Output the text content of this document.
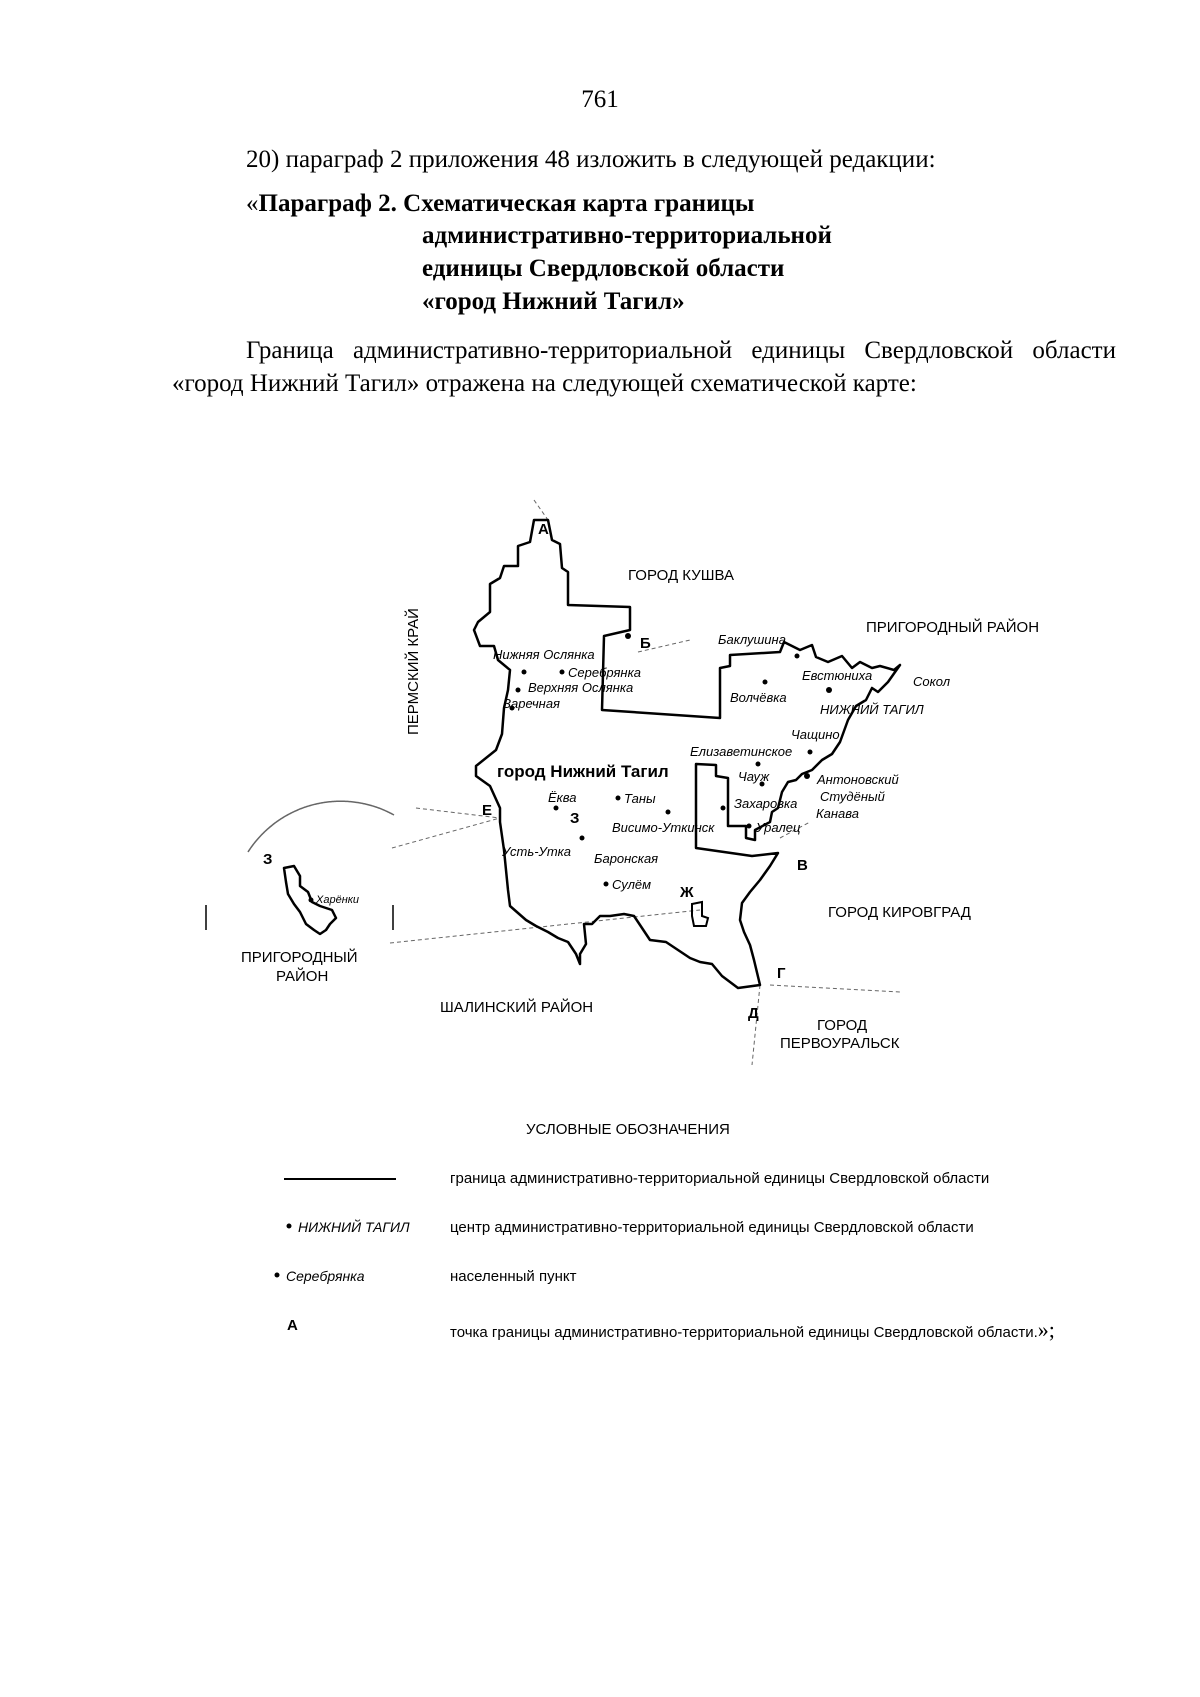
761
20) параграф 2 приложения 48 изложить в следующей редакции:
«Параграф 2. Схематическая карта границы
административно-территориальной
единицы Свердловской области
«город Нижний Тагил»

Граница административно-территориальной единицы Свердловской области «город Нижний Тагил» отражена на следующей схематической карте:

ГОРОД КУШВА
ПРИГОРОДНЫЙ РАЙОН
ПЕРМСКИЙ КРАЙ
ГОРОД КИРОВГРАД
ШАЛИНСКИЙ РАЙОН
ГОРОД
ПЕРВОУРАЛЬСК
ПРИГОРОДНЫЙ
РАЙОН
город Нижний Тагил
А
Б
В
Г
Д
Е
Ж
З
З
Нижняя Ослянка
Серебрянка
Верхняя Ослянка
Заречная
Баклушина
Евстюниха	Сокол
Волчёвка
Чащино
Елизаветинское
Чауж	Антоновский
Студёный
Канава
Захаровка
Уралец
Ёква	Таны
Висимо-Уткинск
Усть-Утка Баронская
Сулём
Харёнки
НИЖНИЙ ТАГИЛ
УСЛОВНЫЕ ОБОЗНАЧЕНИЯ
граница административно-территориальной единицы Свердловской области
НИЖНИЙ ТАГИЛ	центр административно-территориальной единицы Свердловской области
Серебрянка	населенный пункт
А	точка границы административно-территориальной единицы Свердловской области.»;
